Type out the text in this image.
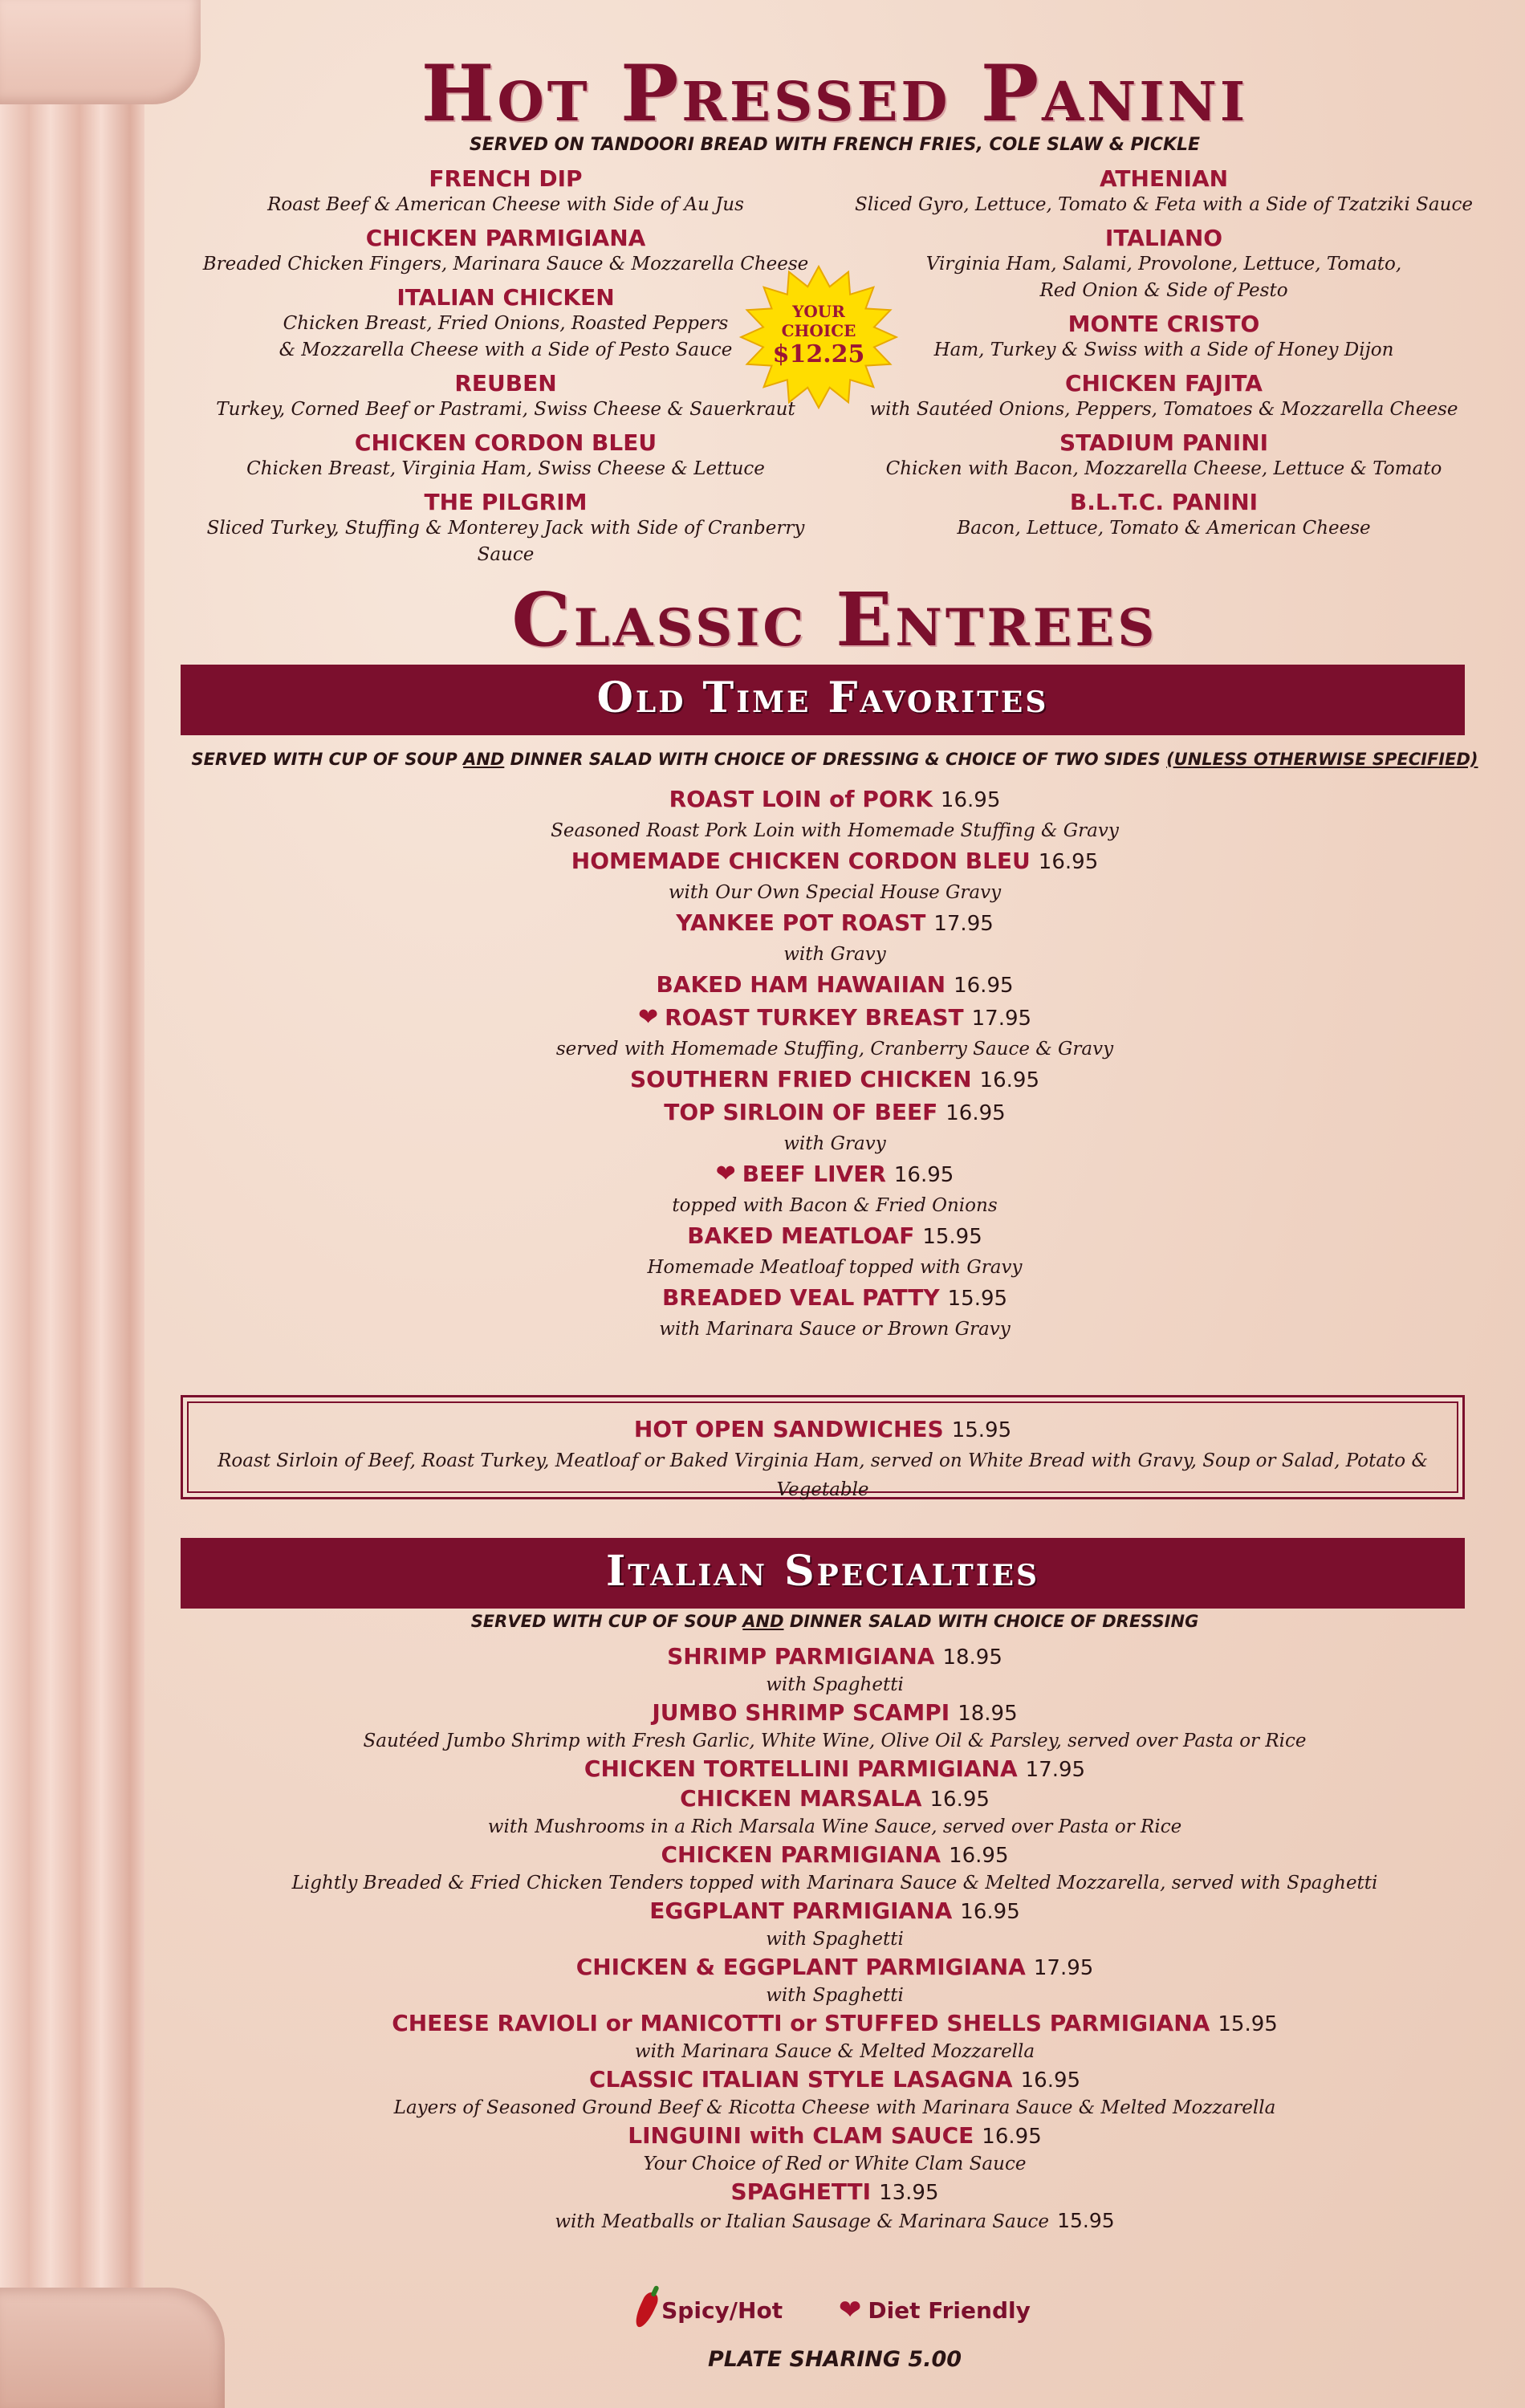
Hot Pressed Panini
SERVED ON TANDOORI BREAD WITH FRENCH FRIES, COLE SLAW & PICKLE
FRENCH DIP
Roast Beef & American Cheese with Side of Au Jus
CHICKEN PARMIGIANA
Breaded Chicken Fingers, Marinara Sauce & Mozzarella Cheese
ITALIAN CHICKEN
Chicken Breast, Fried Onions, Roasted Peppers
& Mozzarella Cheese with a Side of Pesto Sauce
REUBEN
Turkey, Corned Beef or Pastrami, Swiss Cheese & Sauerkraut
CHICKEN CORDON BLEU
Chicken Breast, Virginia Ham, Swiss Cheese & Lettuce
THE PILGRIM
Sliced Turkey, Stuffing & Monterey Jack with Side of Cranberry Sauce
ATHENIAN
Sliced Gyro, Lettuce, Tomato & Feta with a Side of Tzatziki Sauce
ITALIANO
Virginia Ham, Salami, Provolone, Lettuce, Tomato,
Red Onion & Side of Pesto
MONTE CRISTO
Ham, Turkey & Swiss with a Side of Honey Dijon
CHICKEN FAJITA
with Sautéed Onions, Peppers, Tomatoes & Mozzarella Cheese
STADIUM PANINI
Chicken with Bacon, Mozzarella Cheese, Lettuce & Tomato
B.L.T.C. PANINI
Bacon, Lettuce, Tomato & American Cheese
YOUR
CHOICE
$12.25
Classic Entrees
Old Time Favorites
SERVED WITH CUP OF SOUP AND DINNER SALAD WITH CHOICE OF DRESSING & CHOICE OF TWO SIDES (UNLESS OTHERWISE SPECIFIED)
ROAST LOIN of PORK 16.95
Seasoned Roast Pork Loin with Homemade Stuffing & Gravy
HOMEMADE CHICKEN CORDON BLEU 16.95
with Our Own Special House Gravy
YANKEE POT ROAST 17.95
with Gravy
BAKED HAM HAWAIIAN 16.95
❤ ROAST TURKEY BREAST 17.95
served with Homemade Stuffing, Cranberry Sauce & Gravy
SOUTHERN FRIED CHICKEN 16.95
TOP SIRLOIN OF BEEF 16.95
with Gravy
❤ BEEF LIVER 16.95
topped with Bacon & Fried Onions
BAKED MEATLOAF 15.95
Homemade Meatloaf topped with Gravy
BREADED VEAL PATTY 15.95
with Marinara Sauce or Brown Gravy
HOT OPEN SANDWICHES 15.95
Roast Sirloin of Beef, Roast Turkey, Meatloaf or Baked Virginia Ham, served on White Bread with Gravy, Soup or Salad, Potato & Vegetable
Italian Specialties
SERVED WITH CUP OF SOUP AND DINNER SALAD WITH CHOICE OF DRESSING
SHRIMP PARMIGIANA 18.95
with Spaghetti
JUMBO SHRIMP SCAMPI 18.95
Sautéed Jumbo Shrimp with Fresh Garlic, White Wine, Olive Oil & Parsley, served over Pasta or Rice
CHICKEN TORTELLINI PARMIGIANA 17.95
CHICKEN MARSALA 16.95
with Mushrooms in a Rich Marsala Wine Sauce, served over Pasta or Rice
CHICKEN PARMIGIANA 16.95
Lightly Breaded & Fried Chicken Tenders topped with Marinara Sauce & Melted Mozzarella, served with Spaghetti
EGGPLANT PARMIGIANA 16.95
with Spaghetti
CHICKEN & EGGPLANT PARMIGIANA 17.95
with Spaghetti
CHEESE RAVIOLI or MANICOTTI or STUFFED SHELLS PARMIGIANA 15.95
with Marinara Sauce & Melted Mozzarella
CLASSIC ITALIAN STYLE LASAGNA 16.95
Layers of Seasoned Ground Beef & Ricotta Cheese with Marinara Sauce & Melted Mozzarella
LINGUINI with CLAM SAUCE 16.95
Your Choice of Red or White Clam Sauce
SPAGHETTI 13.95
with Meatballs or Italian Sausage & Marinara Sauce 15.95
Spicy/Hot ❤ Diet Friendly
PLATE SHARING 5.00
